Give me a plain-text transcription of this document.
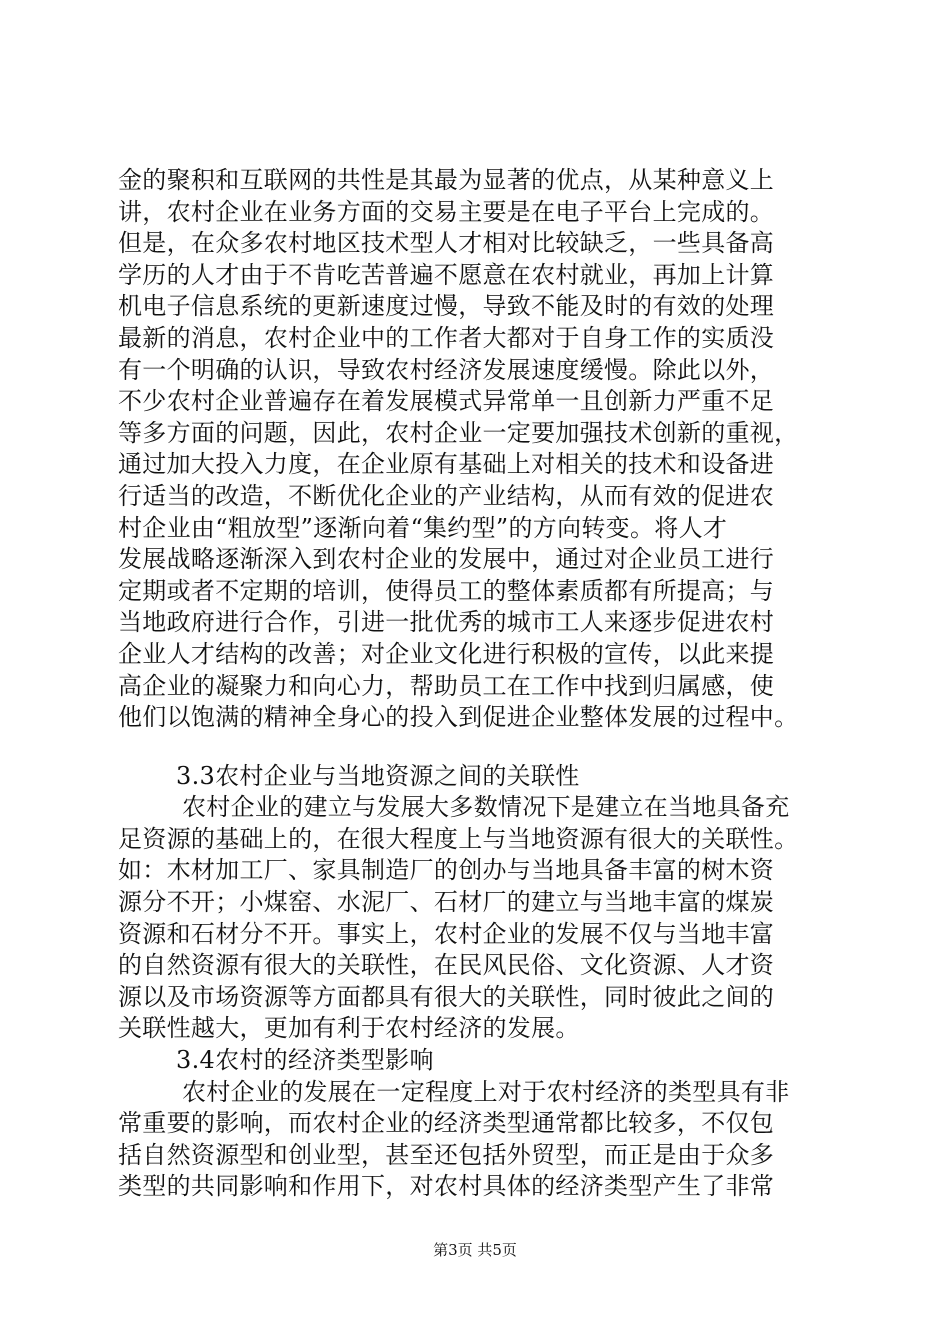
金的聚积和互联网的共性是其最为显著的优点，从某种意义上
讲，农村企业在业务方面的交易主要是在电子平台上完成的。
但是，在众多农村地区技术型人才相对比较缺乏，一些具备高
学历的人才由于不肯吃苦普遍不愿意在农村就业，再加上计算
机电子信息系统的更新速度过慢，导致不能及时的有效的处理
最新的消息，农村企业中的工作者大都对于自身工作的实质没
有一个明确的认识，导致农村经济发展速度缓慢。除此以外，
不少农村企业普遍存在着发展模式异常单一且创新力严重不足
等多方面的问题，因此，农村企业一定要加强技术创新的重视，
通过加大投入力度，在企业原有基础上对相关的技术和设备进
行适当的改造，不断优化企业的产业结构，从而有效的促进农
村企业由“粗放型”逐渐向着“集约型”的方向转变。将人才
发展战略逐渐深入到农村企业的发展中，通过对企业员工进行
定期或者不定期的培训，使得员工的整体素质都有所提高；与
当地政府进行合作，引进一批优秀的城市工人来逐步促进农村
企业人才结构的改善；对企业文化进行积极的宣传，以此来提
高企业的凝聚力和向心力，帮助员工在工作中找到归属感，使
他们以饱满的精神全身心的投入到促进企业整体发展的过程中。
3.3农村企业与当地资源之间的关联性
农村企业的建立与发展大多数情况下是建立在当地具备充
足资源的基础上的，在很大程度上与当地资源有很大的关联性。
如：木材加工厂、家具制造厂的创办与当地具备丰富的树木资
源分不开；小煤窑、水泥厂、石材厂的建立与当地丰富的煤炭
资源和石材分不开。事实上，农村企业的发展不仅与当地丰富
的自然资源有很大的关联性，在民风民俗、文化资源、人才资
源以及市场资源等方面都具有很大的关联性，同时彼此之间的
关联性越大，更加有利于农村经济的发展。
3.4农村的经济类型影响
农村企业的发展在一定程度上对于农村经济的类型具有非
常重要的影响，而农村企业的经济类型通常都比较多，不仅包
括自然资源型和创业型，甚至还包括外贸型，而正是由于众多
类型的共同影响和作用下，对农村具体的经济类型产生了非常
第3页 共5页
